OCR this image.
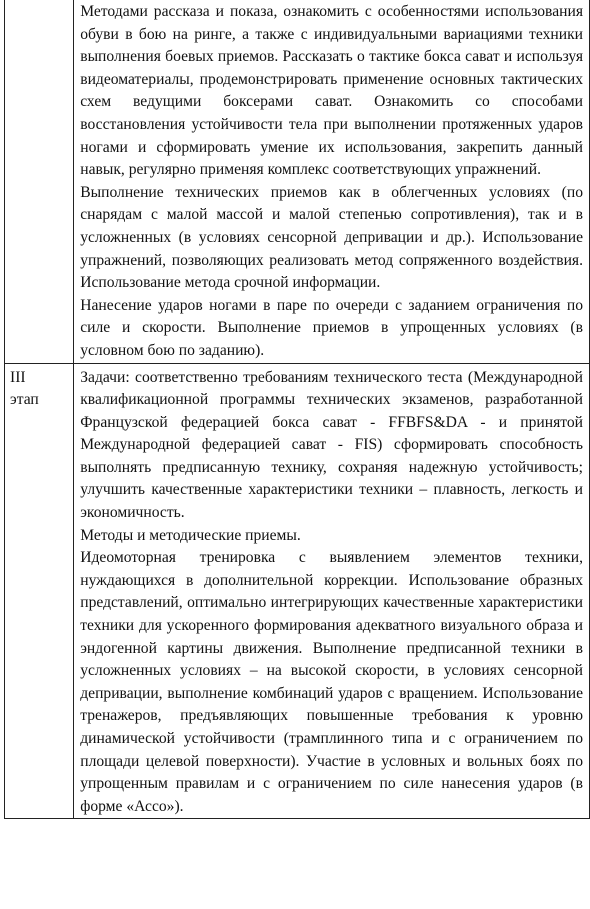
	Методами рассказа и показа, ознакомить с особенностями использования обуви в бою на ринге, а также с индивидуальными вариациями техники выполнения боевых приемов. Рассказать о тактике бокса сават и используя видеоматериалы, продемонстрировать применение основных тактических схем ведущими боксерами сават. Ознакомить со способами восстановления устойчивости тела при выполнении протяженных ударов ногами и сформировать умение их использования, закрепить данный навык, регулярно применяя комплекс соответствующих упражнений.
Выполнение технических приемов как в облегченных условиях (по снарядам с малой массой и малой степенью сопротивления), так и в усложненных (в условиях сенсорной депривации и др.). Использование упражнений, позволяющих реализовать метод сопряженного воздействия. Использование метода срочной информации.
Нанесение ударов ногами в паре по очереди с заданием ограничения по силе и скорости. Выполнение приемов в упрощенных условиях (в условном бою по заданию).

III
этап	Задачи: соответственно требованиям технического теста (Международной квалификационной программы технических экзаменов, разработанной Французской федерацией бокса сават - FFBFS&DA - и принятой Международной федерацией сават - FIS) сформировать способность выполнять предписанную технику, сохраняя надежную устойчивость; улучшить качественные характеристики техники – плавность, легкость и экономичность.
Методы и методические приемы.
Идеомоторная тренировка с выявлением элементов техники, нуждающихся в дополнительной коррекции. Использование образных представлений, оптимально интегрирующих качественные характеристики техники для ускоренного формирования адекватного визуального образа и эндогенной картины движения. Выполнение предписанной техники в усложненных условиях – на высокой скорости, в условиях сенсорной депривации, выполнение комбинаций ударов с вращением. Использование тренажеров, предъявляющих повышенные требования к уровню динамической устойчивости (трамплинного типа и с ограничением по площади целевой поверхности). Участие в условных и вольных боях по упрощенным правилам и с ограничением по силе нанесения ударов (в форме «Ассо»).
